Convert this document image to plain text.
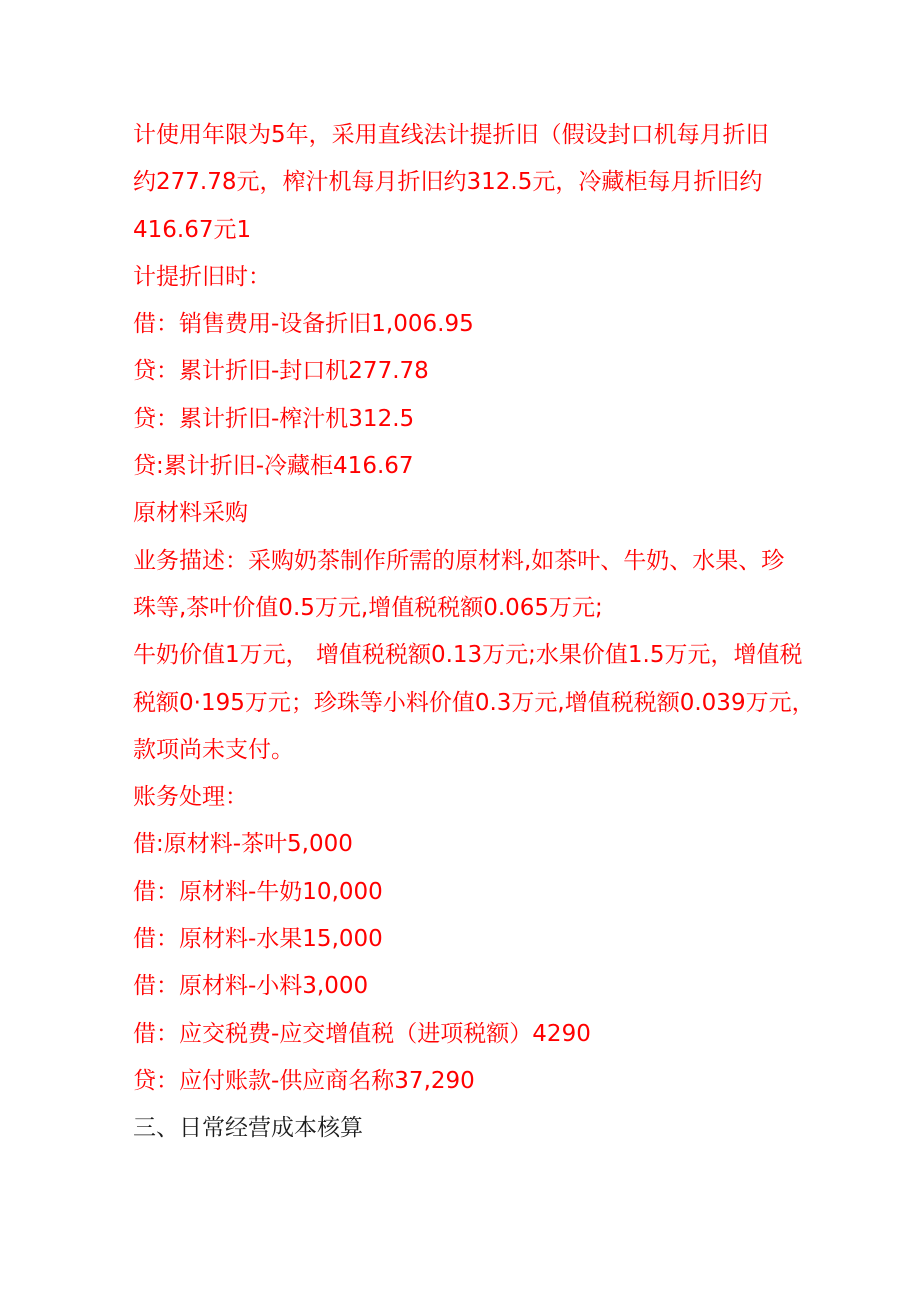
计使用年限为5年，采用直线法计提折旧（假设封口机每月折旧
约277.78元，榨汁机每月折旧约312.5元，冷藏柜每月折旧约
416.67元1
计提折旧时：
借：销售费用-设备折旧1,006.95
贷：累计折旧-封口机277.78
贷：累计折旧-榨汁机312.5
贷:累计折旧-冷藏柜416.67
原材料采购
业务描述：采购奶茶制作所需的原材料,如茶叶、牛奶、水果、珍
珠等,茶叶价值0.5万元,增值税税额0.065万元;
牛奶价值1万元， 增值税税额0.13万元;水果价值1.5万元，增值税
税额0·195万元；珍珠等小料价值0.3万元,增值税税额0.039万元，
款项尚未支付。
账务处理：
借:原材料-茶叶5,000
借：原材料-牛奶10,000
借：原材料-水果15,000
借：原材料-小料3,000
借：应交税费-应交增值税（进项税额）4290
贷：应付账款-供应商名称37,290
三、日常经营成本核算
